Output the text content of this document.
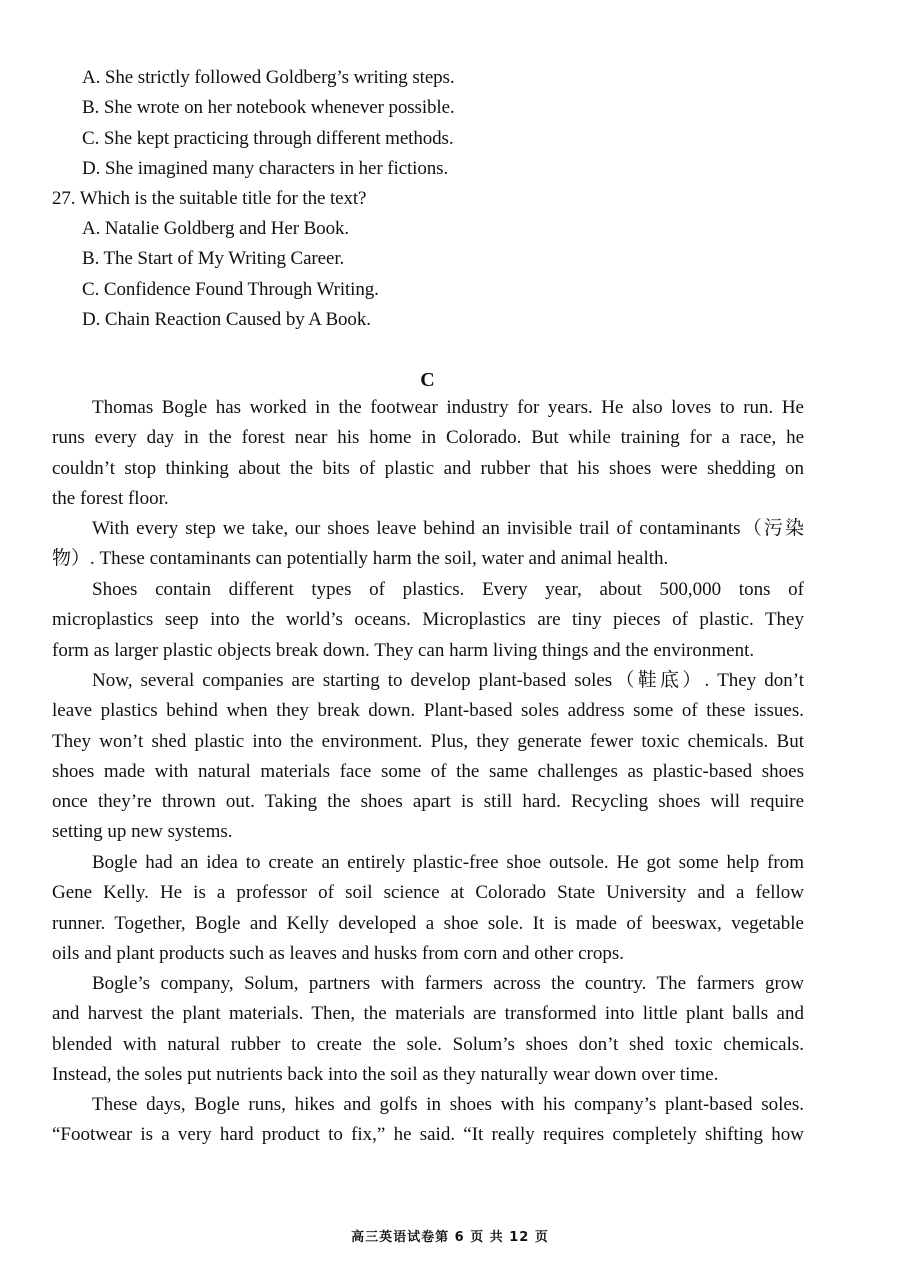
A. She strictly followed Goldberg’s writing steps.
B. She wrote on her notebook whenever possible.
C. She kept practicing through different methods.
D. She imagined many characters in her fictions.
27. Which is the suitable title for the text?
A. Natalie Goldberg and Her Book.
B. The Start of My Writing Career.
C. Confidence Found Through Writing.
D. Chain Reaction Caused by A Book.
C
Thomas Bogle has worked in the footwear industry for years. He also loves to run. He
runs every day in the forest near his home in Colorado. But while training for a race, he
couldn’t stop thinking about the bits of plastic and rubber that his shoes were shedding on
the forest floor.
With every step we take, our shoes leave behind an invisible trail of contaminants（污染
物）. These contaminants can potentially harm the soil, water and animal health.
Shoes contain different types of plastics. Every year, about 500,000 tons of
microplastics seep into the world’s oceans. Microplastics are tiny pieces of plastic. They
form as larger plastic objects break down. They can harm living things and the environment.
Now, several companies are starting to develop plant-based soles（鞋底）. They don’t
leave plastics behind when they break down. Plant-based soles address some of these issues.
They won’t shed plastic into the environment. Plus, they generate fewer toxic chemicals. But
shoes made with natural materials face some of the same challenges as plastic-based shoes
once they’re thrown out. Taking the shoes apart is still hard. Recycling shoes will require
setting up new systems.
Bogle had an idea to create an entirely plastic-free shoe outsole. He got some help from
Gene Kelly. He is a professor of soil science at Colorado State University and a fellow
runner. Together, Bogle and Kelly developed a shoe sole. It is made of beeswax, vegetable
oils and plant products such as leaves and husks from corn and other crops.
Bogle’s company, Solum, partners with farmers across the country. The farmers grow
and harvest the plant materials. Then, the materials are transformed into little plant balls and
blended with natural rubber to create the sole. Solum’s shoes don’t shed toxic chemicals.
Instead, the soles put nutrients back into the soil as they naturally wear down over time.
These days, Bogle runs, hikes and golfs in shoes with his company’s plant-based soles.
“Footwear is a very hard product to fix,” he said. “It really requires completely shifting how
高三英语试卷第 6 页 共 12 页
